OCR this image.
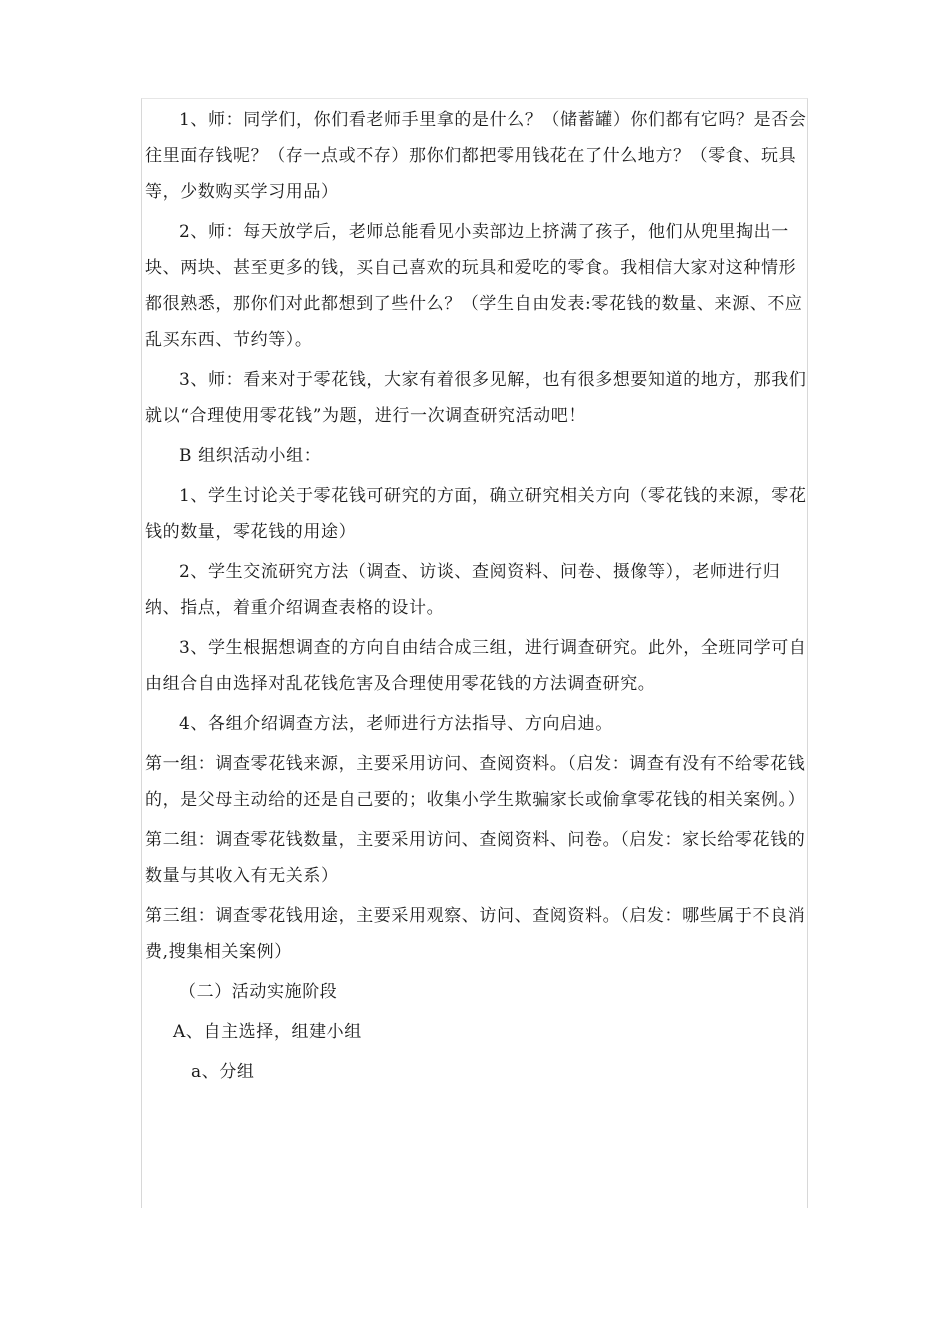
1、师：同学们，你们看老师手里拿的是什么？（储蓄罐）你们都有它吗？是否会往里面存钱呢？（存一点或不存）那你们都把零用钱花在了什么地方？（零食、玩具等，少数购买学习用品）

2、师：每天放学后，老师总能看见小卖部边上挤满了孩子，他们从兜里掏出一块、两块、甚至更多的钱，买自己喜欢的玩具和爱吃的零食。我相信大家对这种情形都很熟悉，那你们对此都想到了些什么？（学生自由发表:零花钱的数量、来源、不应乱买东西、节约等）。

3、师：看来对于零花钱，大家有着很多见解，也有很多想要知道的地方，那我们就以“合理使用零花钱”为题，进行一次调查研究活动吧！

B 组织活动小组：

1、学生讨论关于零花钱可研究的方面，确立研究相关方向（零花钱的来源，零花钱的数量，零花钱的用途）

2、学生交流研究方法（调查、访谈、查阅资料、问卷、摄像等），老师进行归纳、指点，着重介绍调查表格的设计。

3、学生根据想调查的方向自由结合成三组，进行调查研究。此外，全班同学可自由组合自由选择对乱花钱危害及合理使用零花钱的方法调查研究。

4、各组介绍调查方法，老师进行方法指导、方向启迪。

第一组：调查零花钱来源，主要采用访问、查阅资料。（启发：调查有没有不给零花钱的，是父母主动给的还是自己要的；收集小学生欺骗家长或偷拿零花钱的相关案例。）

第二组：调查零花钱数量，主要采用访问、查阅资料、问卷。（启发：家长给零花钱的数量与其收入有无关系）

第三组：调查零花钱用途，主要采用观察、访问、查阅资料。（启发：哪些属于不良消费,搜集相关案例）

（二）活动实施阶段

A、自主选择，组建小组

a、分组
